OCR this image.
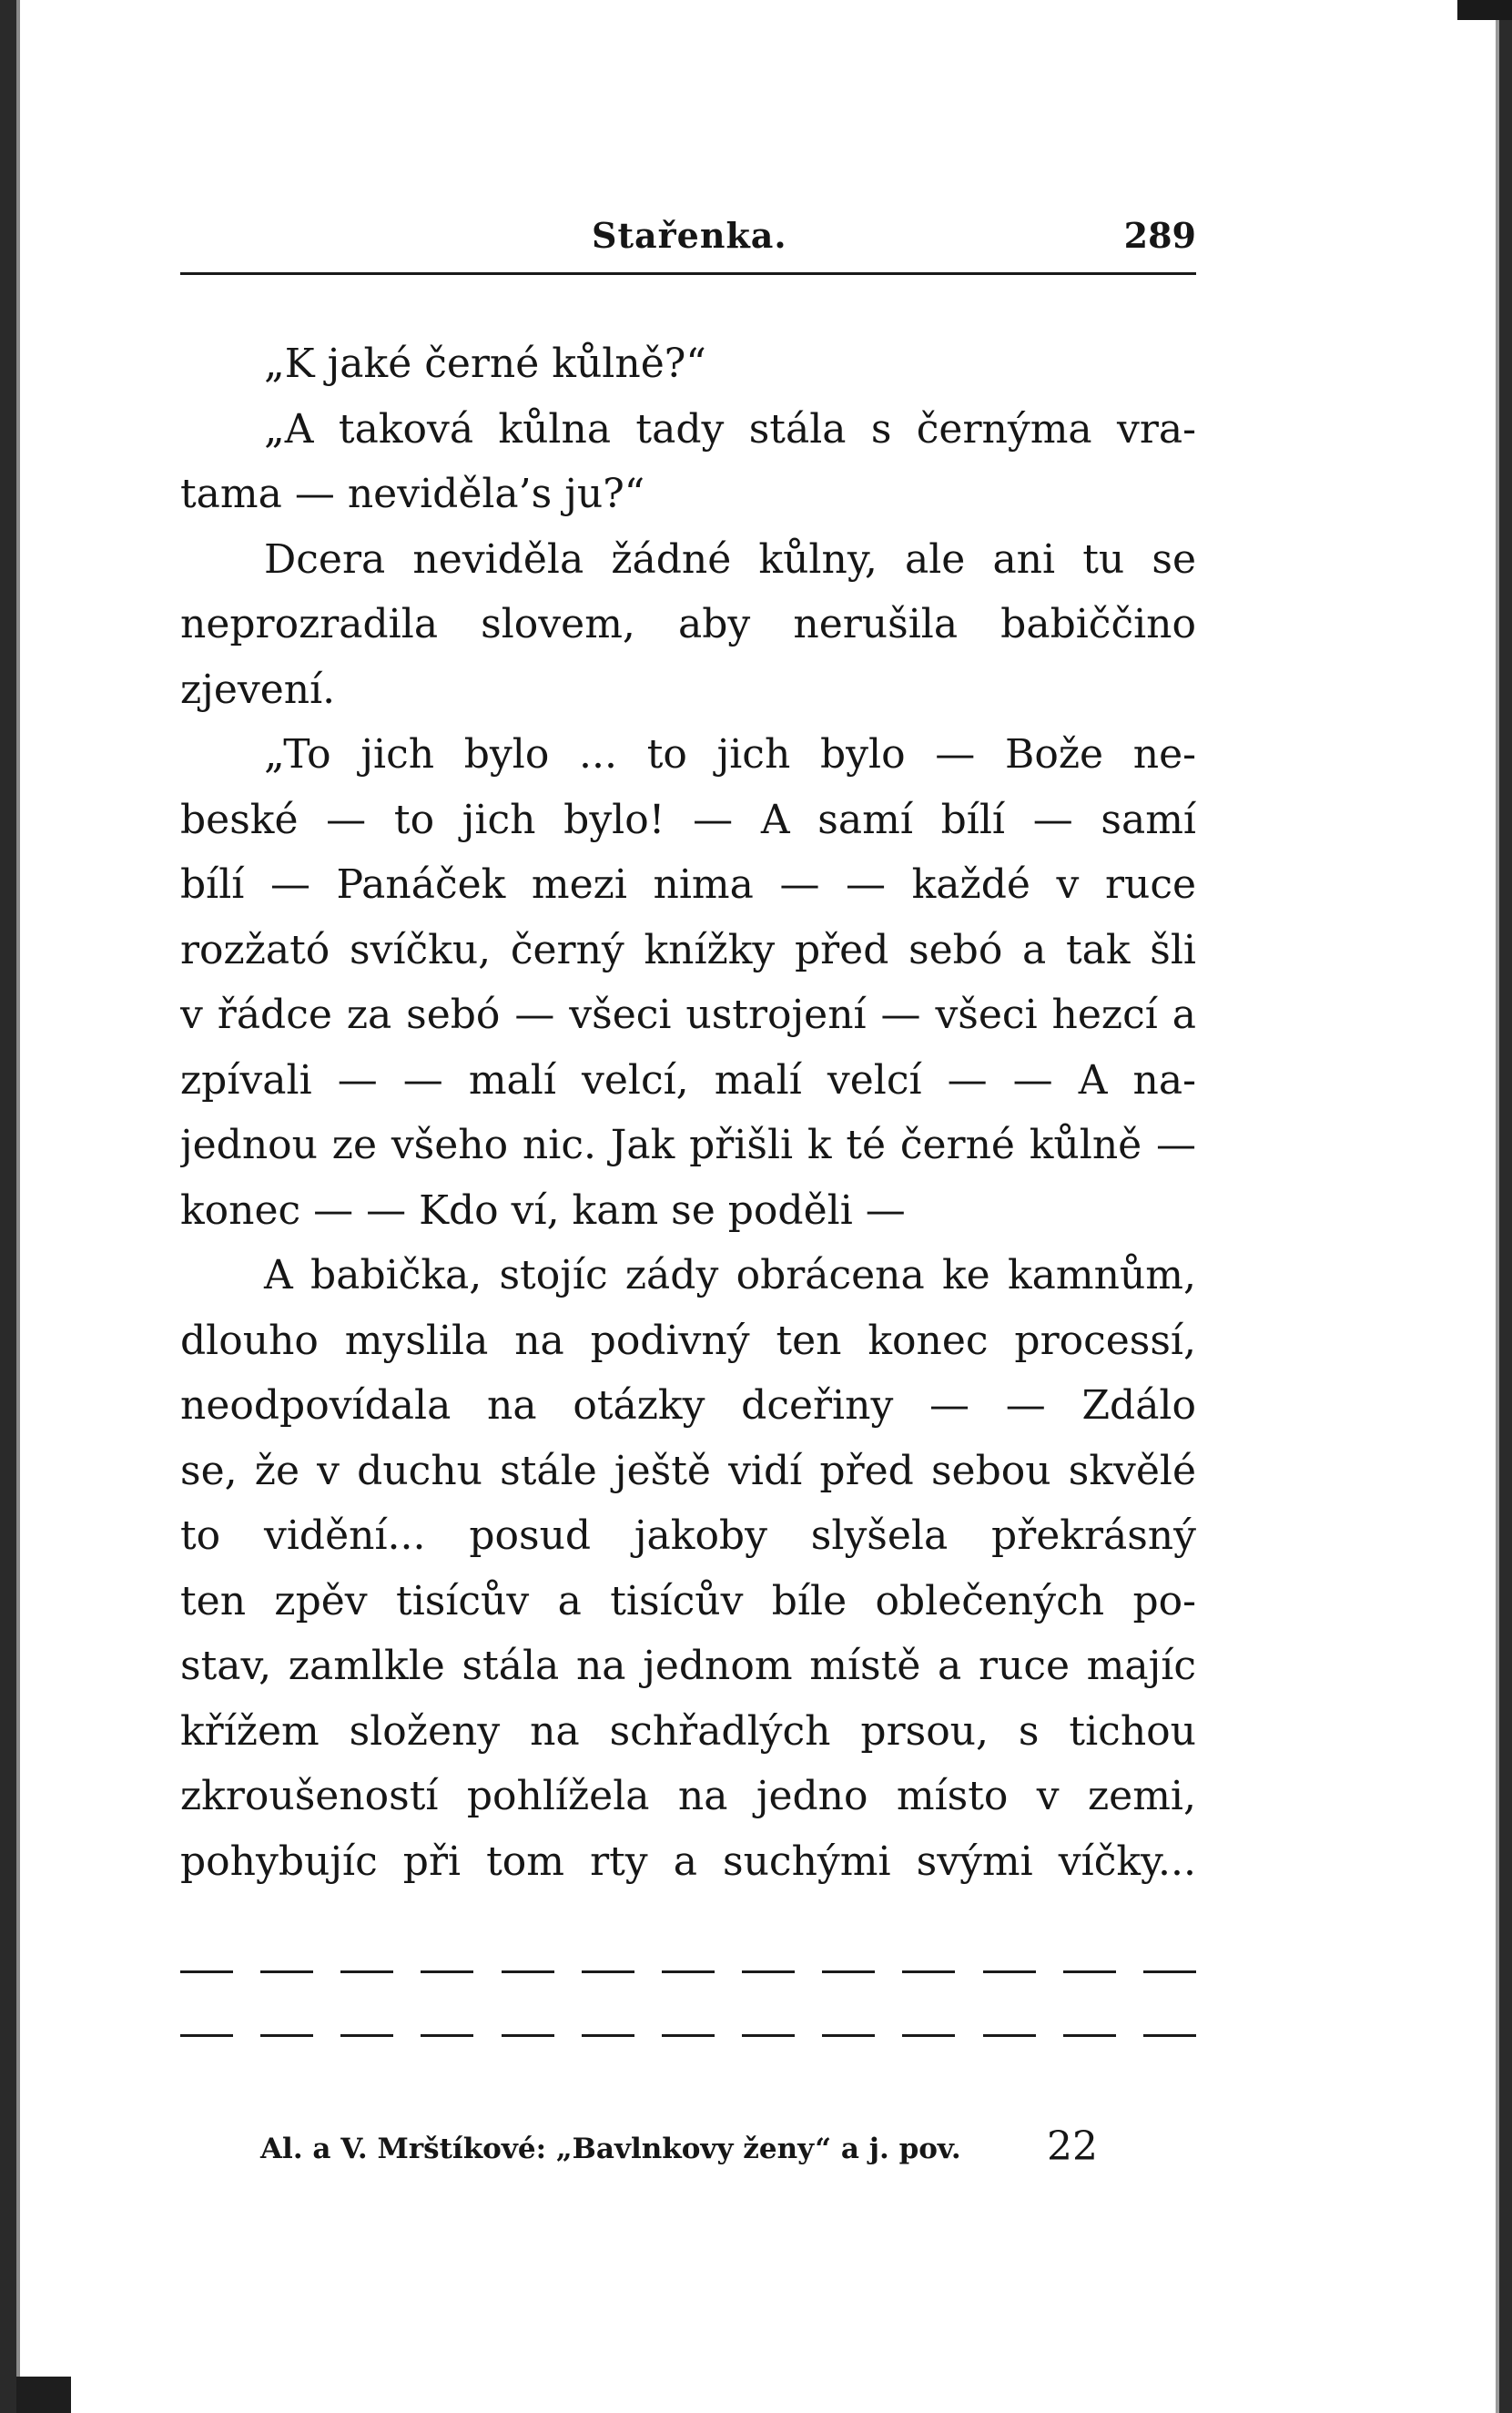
Stařenka.	289
„K jaké černé kůlně?“
„A taková kůlna tady stála s černýma vra-
tama — neviděla’s ju?“
Dcera neviděla žádné kůlny, ale ani tu se
neprozradila slovem, aby nerušila babiččino
zjevení.
„To jich bylo ... to jich bylo — Bože ne-
beské — to jich bylo! — A samí bílí — samí
bílí — Panáček mezi nima — — každé v ruce
rozžató svíčku, černý knížky před sebó a tak šli
v řádce za sebó — všeci ustrojení — všeci hezcí a
zpívali — — malí velcí, malí velcí — — A na-
jednou ze všeho nic. Jak přišli k té černé kůlně —
konec — — Kdo ví, kam se poděli —
A babička, stojíc zády obrácena ke kamnům,
dlouho myslila na podivný ten konec processí,
neodpovídala na otázky dceřiny — — Zdálo
se, že v duchu stále ještě vidí před sebou skvělé
to vidění... posud jakoby slyšela překrásný
ten zpěv tisícův a tisícův bíle oblečených po-
stav, zamlkle stála na jednom místě a ruce majíc
křížem složeny na schřadlých prsou, s tichou
zkroušeností pohlížela na jedno místo v zemi,
pohybujíc při tom rty a suchými svými víčky...
Al. a V. Mrštíkové: „Bavlnkovy ženy“ a j. pov. 22
